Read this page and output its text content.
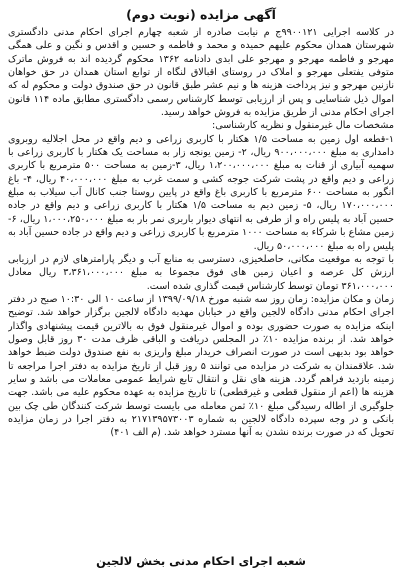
آگهی مزایده (نوبت دوم)

در کلاسه اجرایی ۹۹۰۰۱۲۱ج م نیابت صادره از شعبه چهارم اجرای احکام مدنی دادگستری شهرستان همدان محکوم علیهم حمیده و محمد و فاطمه و حسین و اقدس و نگین و علی همگی مهرجو و فاطمه مهرجو و مهرجو علی ابدی دادنامه ۱۳۶۲ محکوم گردیده اند به فروش ماترک متوفی یفتعلی مهرجو و املاک در روستای اقبالاق لنگاه از توابع استان همدان در حق خواهان نازنین مهرجو و نیز پرداخت هزینه ها و نیم عشر طبق قانون در حق صندوق دولت و محکوم له که اموال ذیل شناسایی و پس از ارزیابی توسط کارشناس رسمی دادگستری مطابق ماده ۱۱۴ قانون اجرای احکام مدنی از طریق مزایده به فروش خواهد رسید.

مشخصات مال غیرمنقول و نظریه کارشناسی:

۱-قطعه اول زمین به مساحت ۱/۵ هکتار با کاربری زراعی و دیم واقع در محل اجلالیه روبروی دامداری به مبلغ ۹۰۰،۰۰۰،۰۰۰ ریال، ۲- زمین یونجه زار به مساحت یک هکتار با کاربری زراعی با سهمیه آبیاری از قنات به مبلغ ۱،۲۰۰،۰۰۰،۰۰۰ ریال، ۳-زمین به مساحت ۵۰۰ مترمربع با کاربری زراعی و دیم واقع در پشت شرکت جوجه کشی و سمت غرب به مبلغ ۴۰،۰۰۰،۰۰۰ ریال، ۴- باغ انگور به مساحت ۶۰۰ مترمربع با کاربری باغ واقع در پایین روستا جنب کانال آب سیلاب به مبلغ ۱۷۰،۰۰۰،۰۰۰ ریال، ۵- زمین دیم به مساحت ۱/۵ هکتار با کاربری زراعی و دیم واقع در جاده حسین آباد به پلیس راه و از طرفی به انتهای دیوار باربری نمر بار به مبلغ ۱،۰۰۰،۲۵۰،۰۰۰ ریال، ۶- زمین مشاع با شرکاء به مساحت ۱۰۰۰ مترمربع با کاربری زراعی و دیم واقع در جاده حسین آباد به پلیس راه به مبلغ ۵۰،۰۰۰،۰۰۰ ریال.

با توجه به موقعیت مکانی، حاصلخیزی، دسترسی به منابع آب و دیگر پارامترهای لازم در ارزیابی ارزش کل عرصه و اعیان زمین های فوق مجموعا به مبلغ ۳،۳۶۱،۰۰۰،۰۰۰ ریال معادل ۳۶۱،۰۰۰،۰۰۰ تومان توسط کارشناس قیمت گذاری شده است.

زمان و مکان مزایده: زمان روز سه شنبه مورخ ۱۳۹۹/۰۹/۱۸ از ساعت ۱۰ الی ۱۰:۳۰ صبح در دفتر اجرای احکام مدنی دادگاه لالجین واقع در خیابان مهدیه دادگاه لالجین برگزار خواهد شد. توضیح اینکه مزایده به صورت حضوری بوده و اموال غیرمنقول فوق به بالاترین قیمت پیشنهادی واگذار خواهد شد. از برنده مزایده ۱۰٪ در المجلس دریافت و الباقی ظرف مدت ۳۰ روز قابل وصول خواهد بود بدیهی است در صورت انصراف خریدار مبلغ واریزی به نفع صندوق دولت ضبط خواهد شد. علاقمندان به شرکت در مزایده می توانند ۵ روز قبل از تاریخ مزایده به دفتر اجرا مراجعه تا زمینه بازدید فراهم گردد. هزینه های نقل و انتقال تابع شرایط عمومی معاملات می باشد و سایر هزینه ها (اعم از منقول قطعی و غیرقطعی) تا تاریخ مزایده به عهده محکوم علیه می باشد. جهت جلوگیری از اطاله رسیدگی مبلغ ۱۰٪ ثمن معامله می بایست توسط شرکت کنندگان طی چک بین بانکی و در وجه سپرده دادگاه لالجین به شماره ۲۱۷۱۳۹۵۷۳۰۰۳ به دفتر اجرا در زمان مزایده تحویل که در صورت برنده نشدن به آنها مسترد خواهد شد. (م الف ۴۰۱)

شعبه اجرای احکام مدنی بخش لالجین
